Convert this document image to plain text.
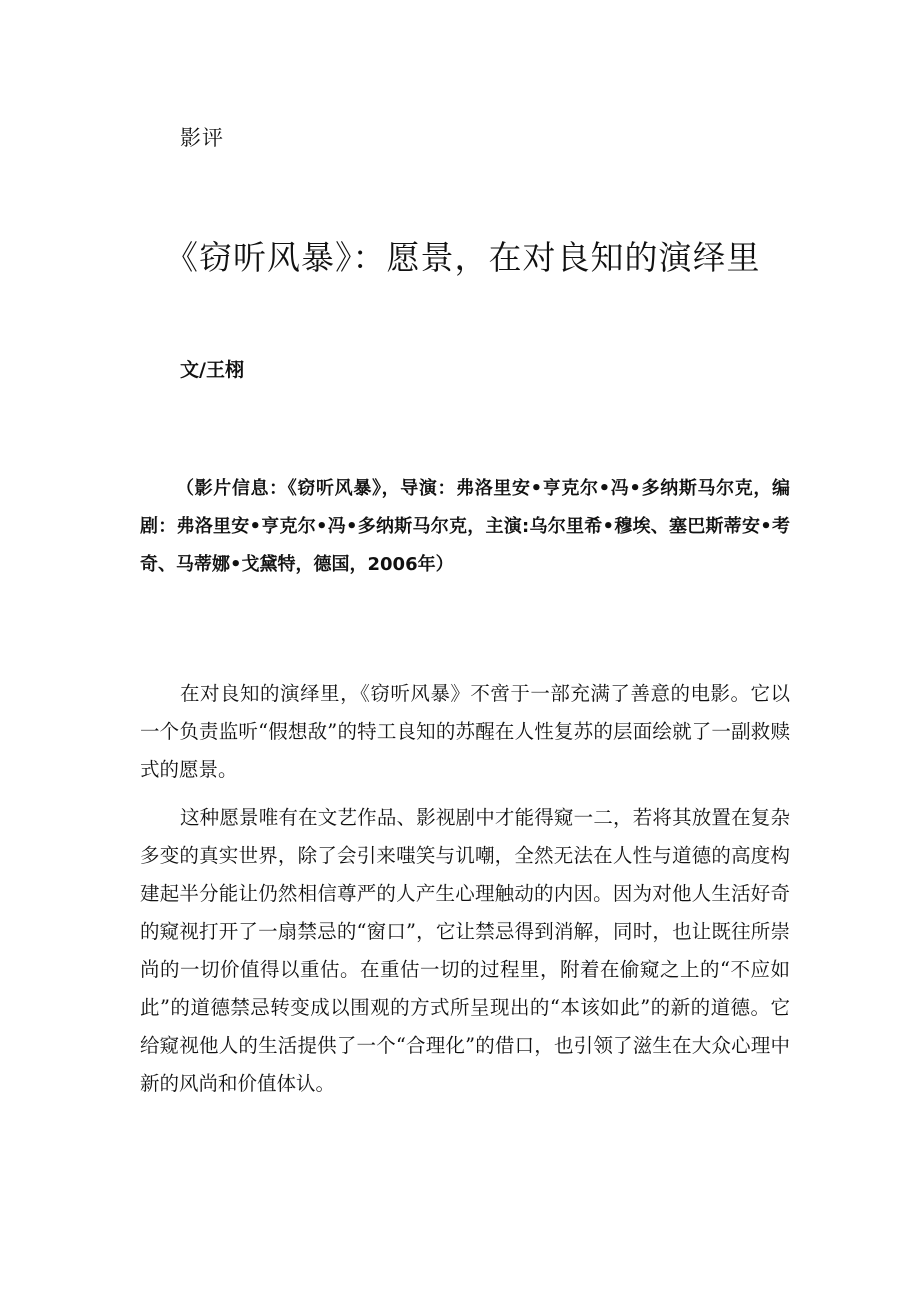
影评
《窃听风暴》：愿景，在对良知的演绎里
文/王栩
（影片信息：《窃听风暴》，导演：弗洛里安•亨克尔•冯•多纳斯马尔克，编剧：弗洛里安•亨克尔•冯•多纳斯马尔克，主演:乌尔里希•穆埃、塞巴斯蒂安•考奇、马蒂娜•戈黛特，德国，2006年）

在对良知的演绎里，《窃听风暴》不啻于一部充满了善意的电影。它以一个负责监听“假想敌”的特工良知的苏醒在人性复苏的层面绘就了一副救赎式的愿景。

这种愿景唯有在文艺作品、影视剧中才能得窥一二，若将其放置在复杂多变的真实世界，除了会引来嗤笑与讥嘲，全然无法在人性与道德的高度构建起半分能让仍然相信尊严的人产生心理触动的内因。因为对他人生活好奇的窥视打开了一扇禁忌的“窗口”，它让禁忌得到消解，同时，也让既往所崇尚的一切价值得以重估。在重估一切的过程里，附着在偷窥之上的“不应如此”的道德禁忌转变成以围观的方式所呈现出的“本该如此”的新的道德。它给窥视他人的生活提供了一个“合理化”的借口，也引领了滋生在大众心理中新的风尚和价值体认。
